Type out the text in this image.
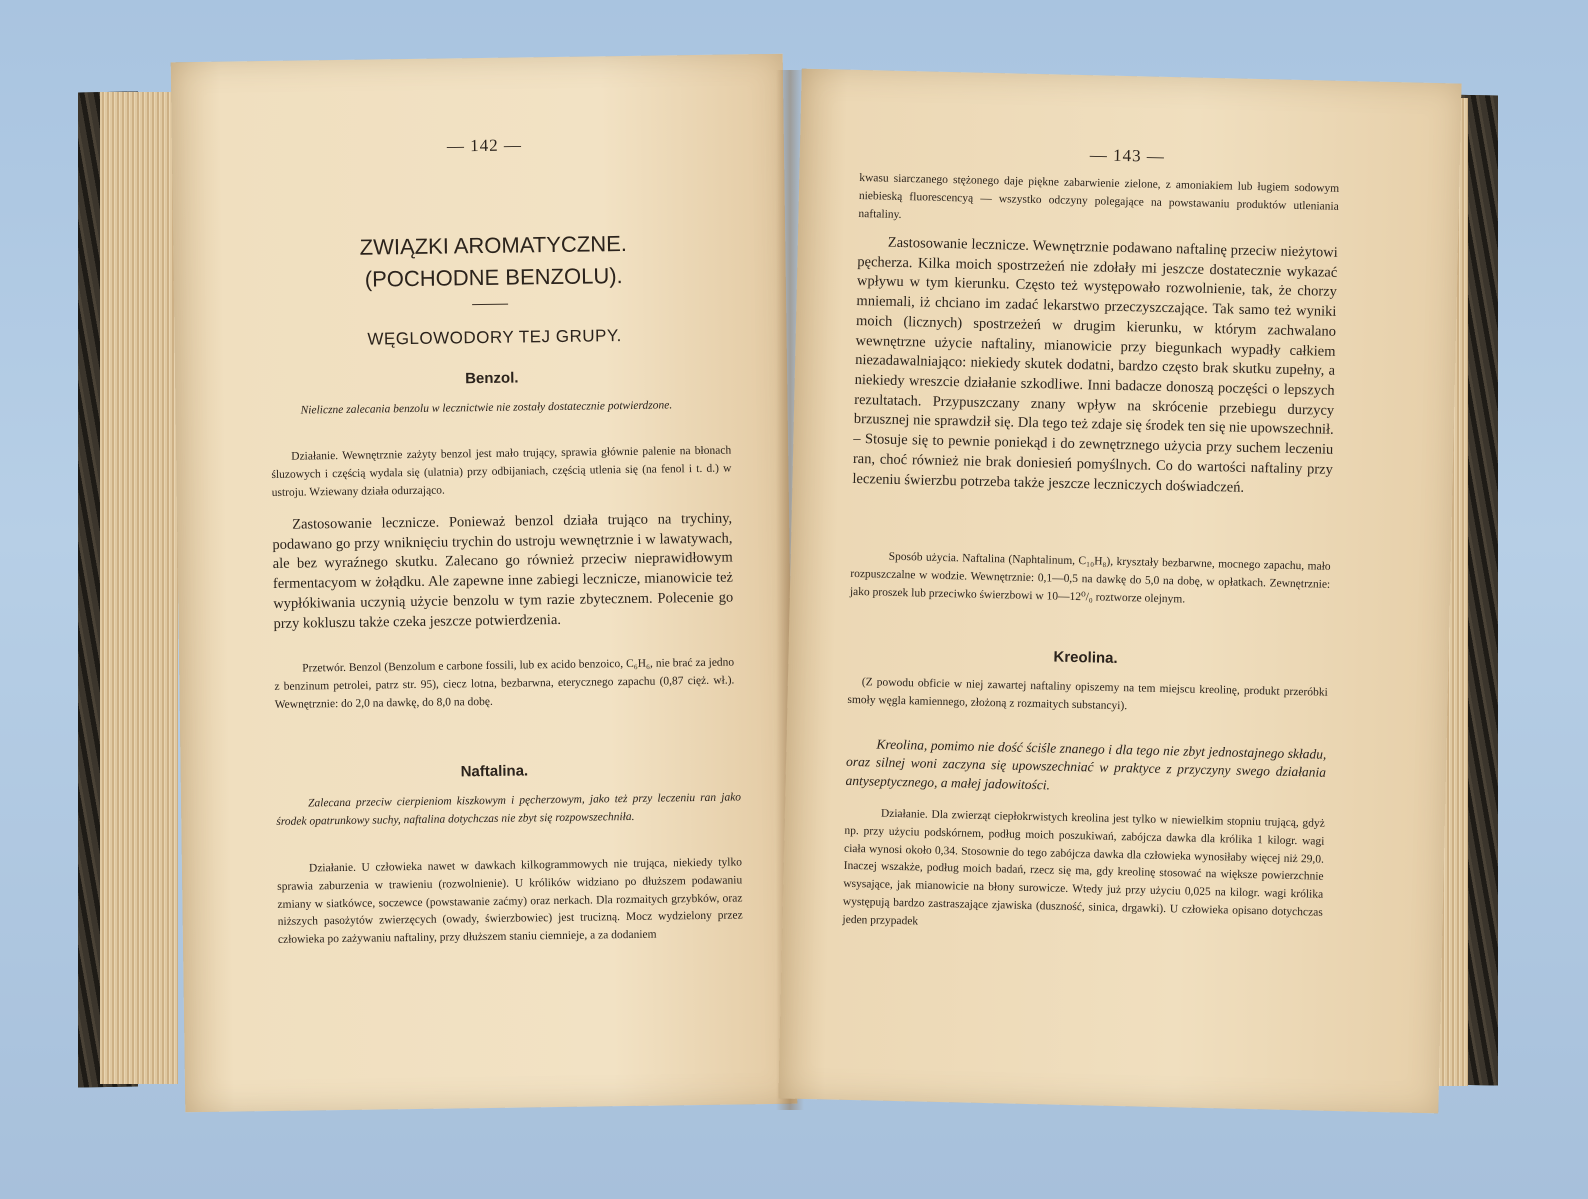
— 142 —
ZWIĄZKI AROMATYCZNE.
(POCHODNE BENZOLU).
WĘGLOWODORY TEJ GRUPY.
Benzol.
Nieliczne zalecania benzolu w lecznictwie nie zostały dostatecznie potwierdzone.
Działanie. Wewnętrznie zażyty benzol jest mało trujący, sprawia głównie palenie na błonach śluzowych i częścią wydala się (ulatnia) przy odbijaniach, częścią utlenia się (na fenol i t. d.) w ustroju. Wziewany działa odurzająco.
Zastosowanie lecznicze. Ponieważ benzol działa trująco na trychiny, podawano go przy wniknięciu trychin do ustroju wewnętrznie i w lawatywach, ale bez wyraźnego skutku. Zalecano go również przeciw nieprawidłowym fermentacyom w żołądku. Ale zapewne inne zabiegi lecznicze, mianowicie też wypłókiwania uczynią użycie benzolu w tym razie zbytecznem. Polecenie go przy kokluszu także czeka jeszcze potwierdzenia.
Przetwór. Benzol (Benzolum e carbone fossili, lub ex acido benzoico, C₆H₆, nie brać za jedno z benzinum petrolei, patrz str. 95), ciecz lotna, bezbarwna, eterycznego zapachu (0,87 cięż. wł.). Wewnętrznie: do 2,0 na dawkę, do 8,0 na dobę.
Naftalina.
Zalecana przeciw cierpieniom kiszkowym i pęcherzowym, jako też przy leczeniu ran jako środek opatrunkowy suchy, naftalina dotychczas nie zbyt się rozpowszechniła.
Działanie. U człowieka nawet w dawkach kilkogrammowych nie trująca, niekiedy tylko sprawia zaburzenia w trawieniu (rozwolnienie). U królików widziano po dłuższem podawaniu zmiany w siatkówce, soczewce (powstawanie zaćmy) oraz nerkach. Dla rozmaitych grzybków, oraz niższych pasożytów zwierzęcych (owady, świerzbowiec) jest trucizną. Mocz wydzielony przez człowieka po zażywaniu naftaliny, przy dłuższem staniu ciemnieje, a za dodaniem
— 143 —
kwasu siarczanego stężonego daje piękne zabarwienie zielone, z amoniakiem lub ługiem sodowym niebieską fluorescencyą — wszystko odczyny polegające na powstawaniu produktów utleniania naftaliny.
Zastosowanie lecznicze. Wewnętrznie podawano naftalinę przeciw nieżytowi pęcherza. Kilka moich spostrzeżeń nie zdołały mi jeszcze dostatecznie wykazać wpływu w tym kierunku. Często też występowało rozwolnienie, tak, że chorzy mniemali, iż chciano im zadać lekarstwo przeczyszczające. Tak samo też wyniki moich (licznych) spostrzeżeń w drugim kierunku, w którym zachwalano wewnętrzne użycie naftaliny, mianowicie przy biegunkach wypadły całkiem niezadawalniająco: niekiedy skutek dodatni, bardzo często brak skutku zupełny, a niekiedy wreszcie działanie szkodliwe. Inni badacze donoszą poczęści o lepszych rezultatach. Przypuszczany znany wpływ na skrócenie przebiegu durzycy brzusznej nie sprawdził się. Dla tego też zdaje się środek ten się nie upowszechnił. – Stosuje się to pewnie poniekąd i do zewnętrznego użycia przy suchem leczeniu ran, choć również nie brak doniesień pomyślnych. Co do wartości naftaliny przy leczeniu świerzbu potrzeba także jeszcze leczniczych doświadczeń.
Sposób użycia. Naftalina (Naphtalinum, C₁₀H₈), kryształy bezbarwne, mocnego zapachu, mało rozpuszczalne w wodzie. Wewnętrznie: 0,1—0,5 na dawkę do 5,0 na dobę, w opłatkach. Zewnętrznie: jako proszek lub przeciwko świerzbowi w 10—12⁰/₀ roztworze olejnym.
Kreolina.
(Z powodu obficie w niej zawartej naftaliny opiszemy na tem miejscu kreolinę, produkt przeróbki smoły węgla kamiennego, złożoną z rozmaitych substancyi).
Kreolina, pomimo nie dość ściśle znanego i dla tego nie zbyt jednostajnego składu, oraz silnej woni zaczyna się upowszechniać w praktyce z przyczyny swego działania antyseptycznego, a małej jadowitości.
Działanie. Dla zwierząt ciepłokrwistych kreolina jest tylko w niewielkim stopniu trującą, gdyż np. przy użyciu podskórnem, podług moich poszukiwań, zabójcza dawka dla królika 1 kilogr. wagi ciała wynosi około 0,34. Stosownie do tego zabójcza dawka dla człowieka wynosiłaby więcej niż 29,0. Inaczej wszakże, podług moich badań, rzecz się ma, gdy kreolinę stosować na większe powierzchnie wsysające, jak mianowicie na błony surowicze. Wtedy już przy użyciu 0,025 na kilogr. wagi królika występują bardzo zastraszające zjawiska (duszność, sinica, drgawki). U człowieka opisano dotychczas jeden przypadek
